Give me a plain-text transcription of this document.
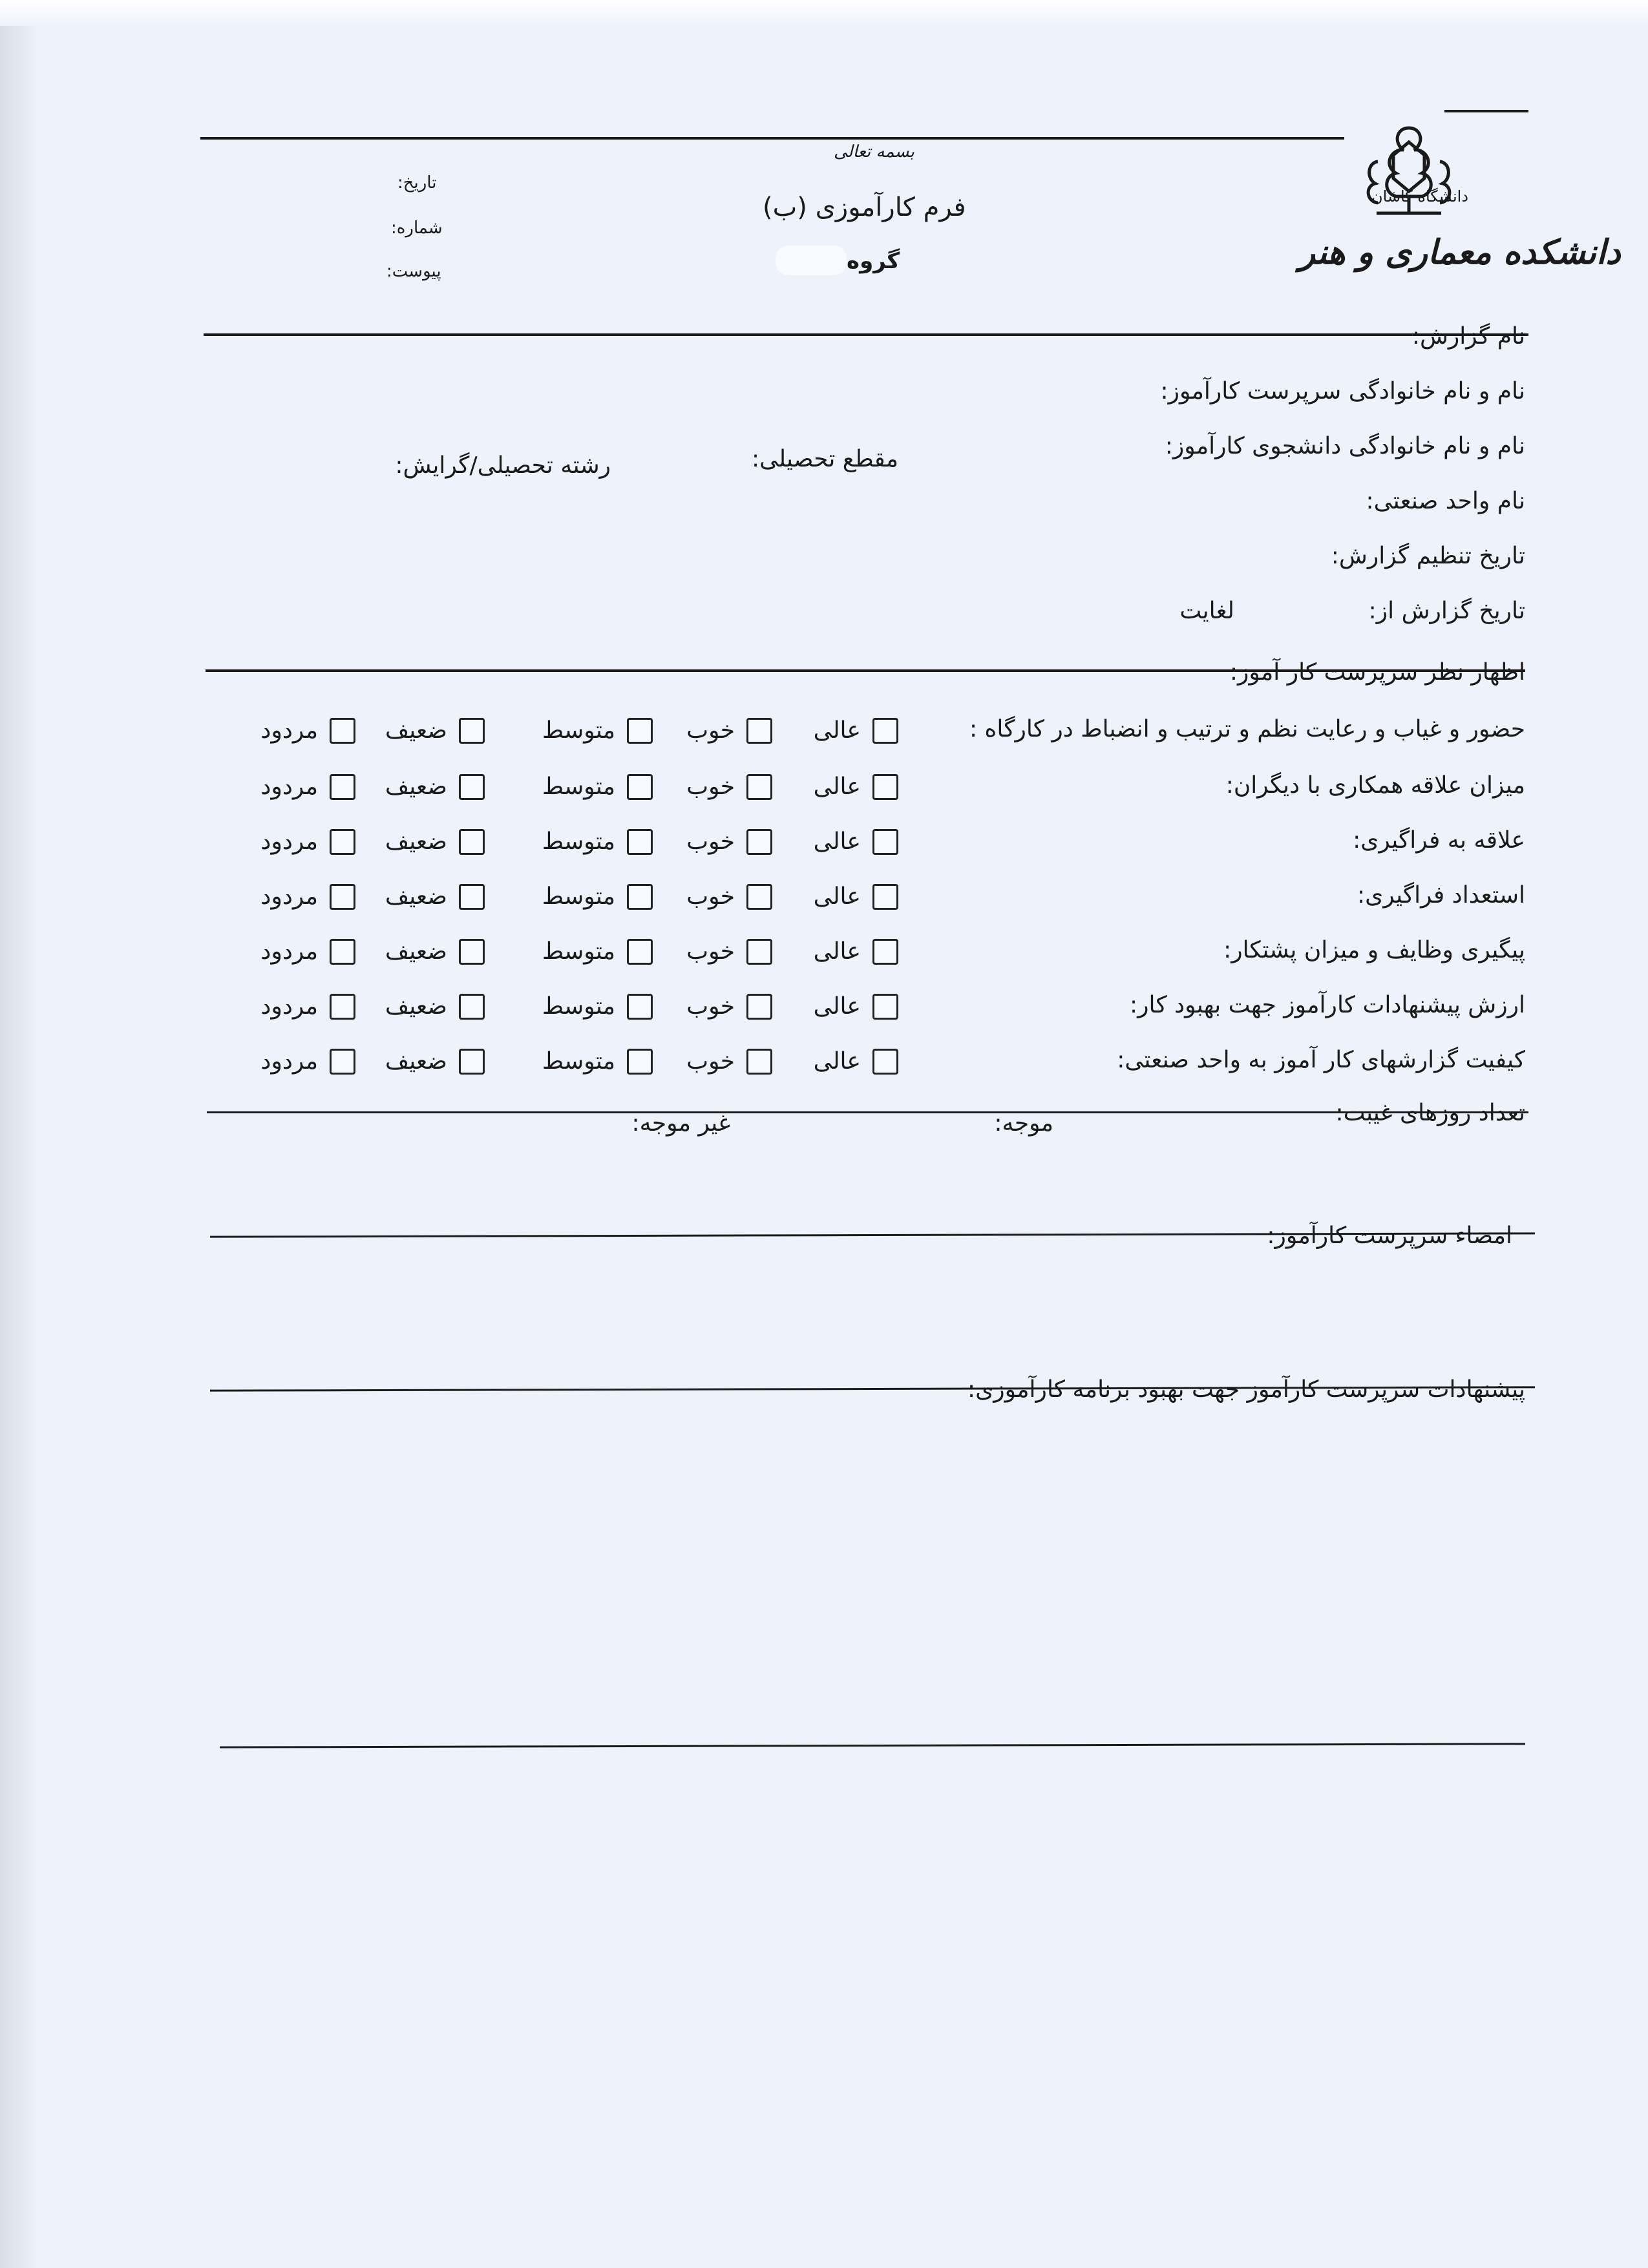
دانشگاه کاشان
دانشکده معماری و هنر
بسمه تعالی
فرم کارآموزی (ب)
گروه
تاریخ:
شماره:
پیوست:
نام گزارش:
نام و نام خانوادگی سرپرست کارآموز:
نام و نام خانوادگی دانشجوی کارآموز:
مقطع تحصیلی:
رشته تحصیلی/گرایش:
نام واحد صنعتی:
تاریخ تنظیم گزارش:
تاریخ گزارش از:
لغایت
اظهار نظر سرپرست کار آموز:
حضور و غیاب و رعایت نظم و ترتیب و انضباط در کارگاه :
عالی
خوب
متوسط
ضعیف
مردود
میزان علاقه همکاری با دیگران:
عالی
خوب
متوسط
ضعیف
مردود
علاقه به فراگیری:
عالی
خوب
متوسط
ضعیف
مردود
استعداد فراگیری:
عالی
خوب
متوسط
ضعیف
مردود
پیگیری وظایف و میزان پشتکار:
عالی
خوب
متوسط
ضعیف
مردود
ارزش پیشنهادات کارآموز جهت بهبود کار:
عالی
خوب
متوسط
ضعیف
مردود
کیفیت گزارشهای کار آموز به واحد صنعتی:
عالی
خوب
متوسط
ضعیف
مردود
تعداد روزهای غیبت:
موجه:
غیر موجه:
امضاء سرپرست کارآموز:
پیشنهادات سرپرست کارآموز جهت بهبود برنامه کارآموزی:
